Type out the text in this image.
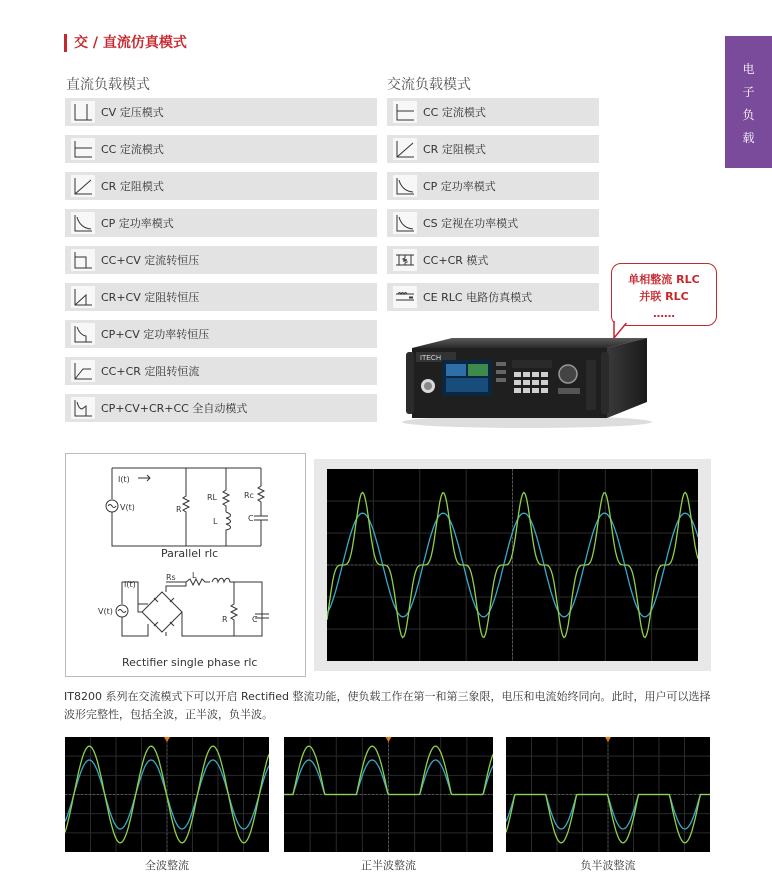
交 / 直流仿真模式
电
子
负
载
直流负载模式	交流负载模式
CV 定压模式
CC 定流模式
CR 定阻模式
CP 定功率模式
CC+CV 定流转恒压
CR+CV 定阻转恒压
CP+CV 定功率转恒压
CC+CR 定阻转恒流
CP+CV+CR+CC 全自动模式
CC 定流模式
CR 定阻模式
CP 定功率模式
CS 定视在功率模式
CC+CR 模式
CE RLC 电路仿真模式
单相整流 RLC
并联 RLC
……
ITECH
I(t)
V(t)	R
RL
L
Rc
C
I(t)
V(t)
Rs L
R	C
Parallel rlc
Rectifier single phase rlc
IT8200 系列在交流模式下可以开启 Rectified 整流功能，使负载工作在第一和第三象限，电压和电流始终同向。此时，用户可以选择波形完整性，包括全波，正半波，负半波。
全波整流	正半波整流	负半波整流
